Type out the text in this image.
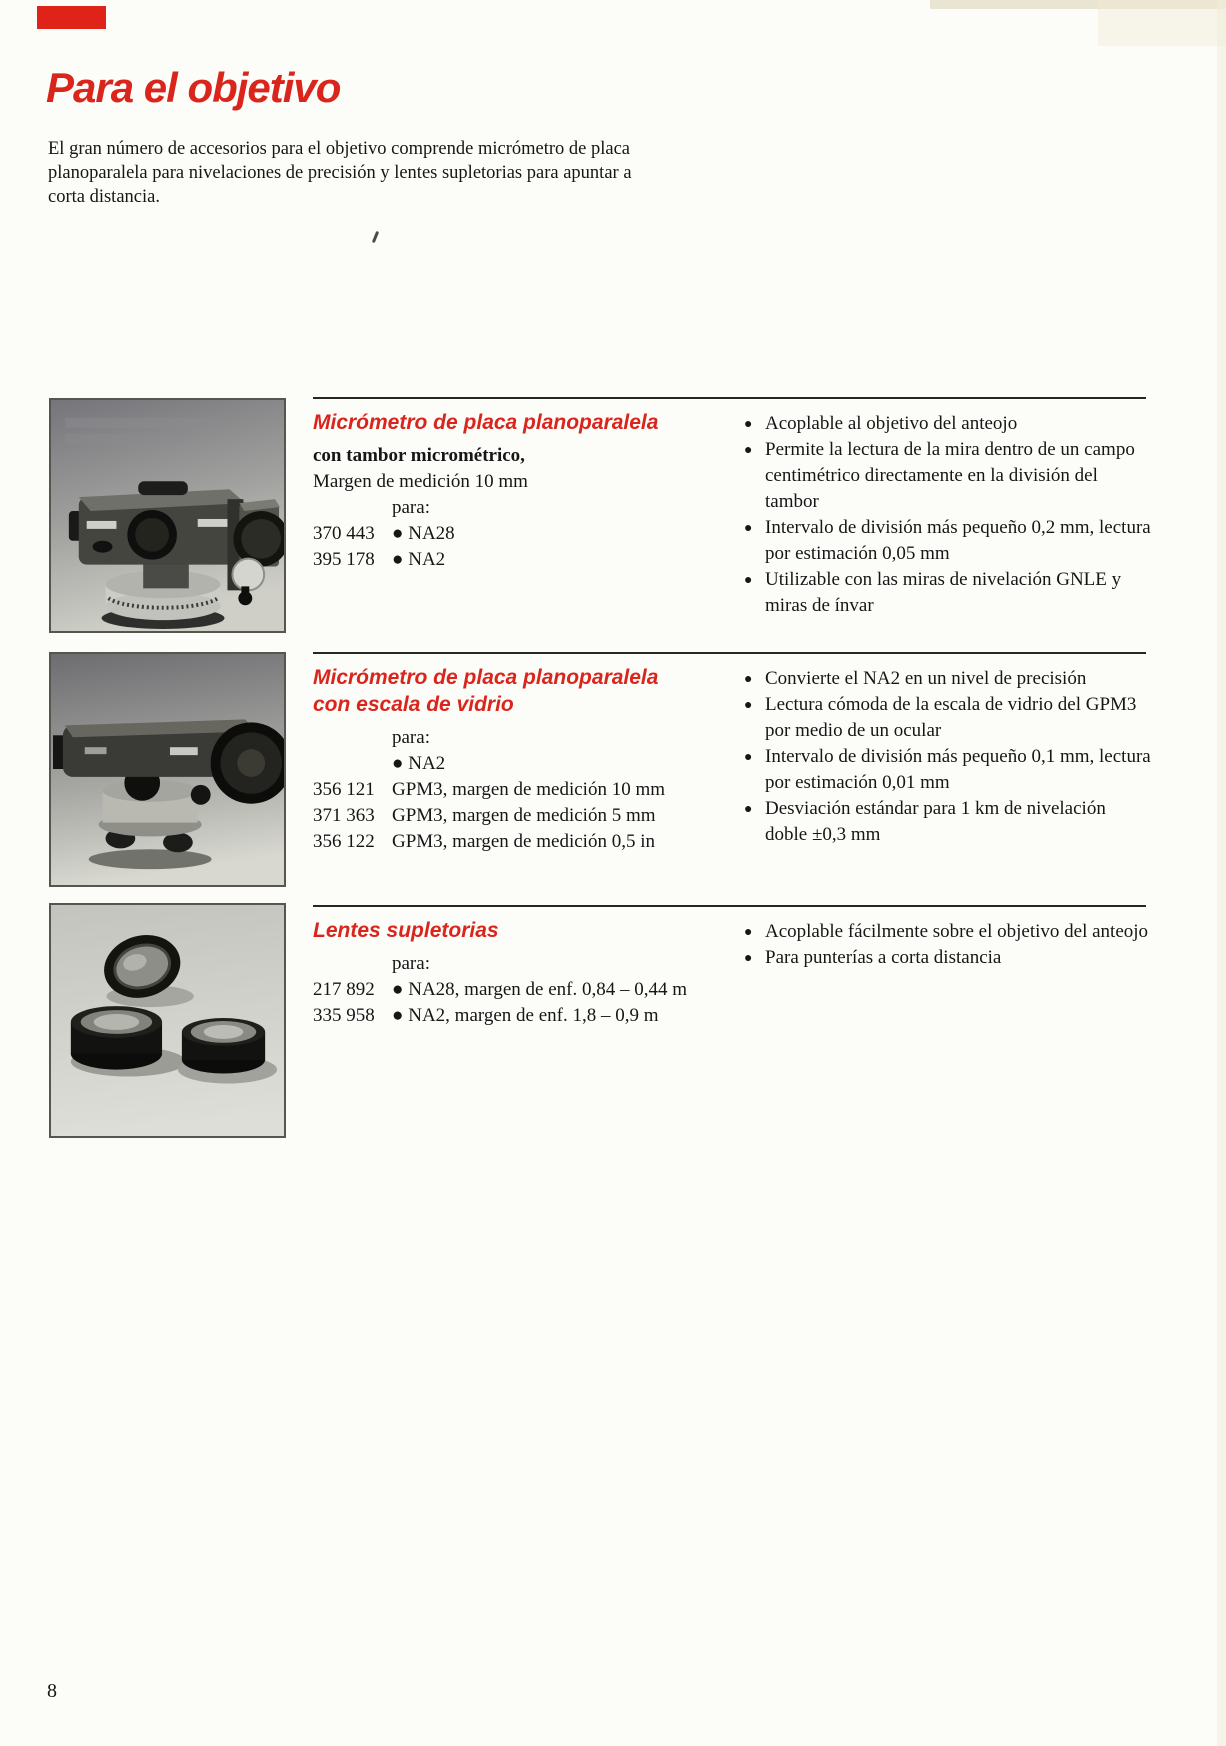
Para el objetivo
El gran número de accesorios para el objetivo comprende micrómetro de placa
planoparalela para nivelaciones de precisión y lentes supletorias para apuntar a
corta distancia.
Micrómetro de placa planoparalela
con tambor micrométrico,
Margen de medición 10 mm
para:
370 443 ● NA28
395 178 ● NA2
● Acoplable al objetivo del anteojo
● Permite la lectura de la mira dentro de un campo centimétrico directamente en la división del tambor
● Intervalo de división más pequeño 0,2 mm, lectura por estimación 0,05 mm
● Utilizable con las miras de nivelación GNLE y miras de ínvar
Micrómetro de placa planoparalela
con escala de vidrio
para:
● NA2
356 121 GPM3, margen de medición 10 mm
371 363 GPM3, margen de medición 5 mm
356 122 GPM3, margen de medición 0,5 in
● Convierte el NA2 en un nivel de precisión
● Lectura cómoda de la escala de vidrio del GPM3 por medio de un ocular
● Intervalo de división más pequeño 0,1 mm, lectura por estimación 0,01 mm
● Desviación estándar para 1 km de nivelación doble ±0,3 mm
Lentes supletorias
para:
217 892 ● NA28, margen de enf. 0,84 – 0,44 m
335 958 ● NA2, margen de enf. 1,8 – 0,9 m
● Acoplable fácilmente sobre el objetivo del anteojo
● Para punterías a corta distancia
8
